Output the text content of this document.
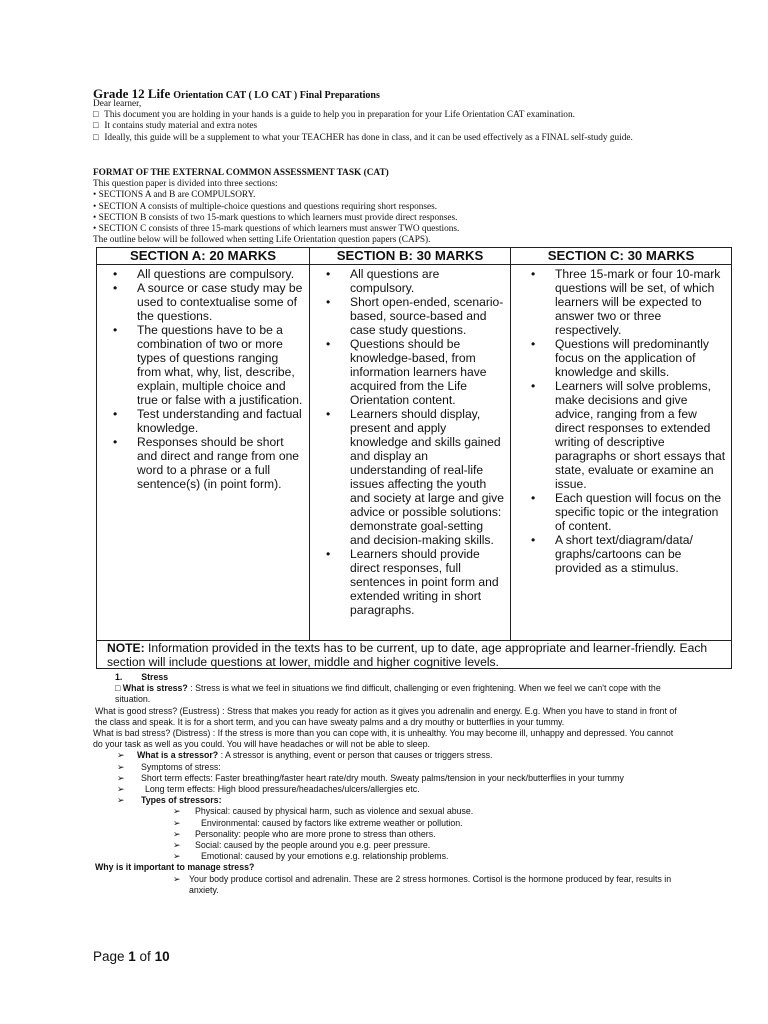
Grade 12 Life Orientation CAT ( LO CAT ) Final Preparations

Dear learner,

□ This document you are holding in your hands is a guide to help you in preparation for your Life Orientation CAT examination.

□ It contains study material and extra notes

□ Ideally, this guide will be a supplement to what your TEACHER has done in class, and it can be used effectively as a FINAL self-study guide.

FORMAT OF THE EXTERNAL COMMON ASSESSMENT TASK (CAT)

This question paper is divided into three sections:

• SECTIONS A and B are COMPULSORY.

• SECTION A consists of multiple-choice questions and questions requiring short responses.

• SECTION B consists of two 15-mark questions to which learners must provide direct responses.

• SECTION C consists of three 15-mark questions of which learners must answer TWO questions.

The outline below will be followed when setting Life Orientation question papers (CAPS).

SECTION A: 20 MARKS
• All questions are compulsory.
• A source or case study may be used to contextualise some of the questions.
• The questions have to be a combination of two or more types of questions ranging from what, why, list, describe, explain, multiple choice and true or false with a justification.
• Test understanding and factual knowledge.
• Responses should be short and direct and range from one word to a phrase or a full sentence(s) (in point form).
SECTION B: 30 MARKS
• All questions are compulsory.
• Short open-ended, scenario-based, source-based and case study questions.
• Questions should be knowledge-based, from information learners have acquired from the Life Orientation content.
• Learners should display, present and apply knowledge and skills gained and display an understanding of real-life issues affecting the youth and society at large and give advice or possible solutions: demonstrate goal-setting and decision-making skills.
• Learners should provide direct responses, full sentences in point form and extended writing in short paragraphs.
SECTION C: 30 MARKS
• Three 15-mark or four 10-mark questions will be set, of which learners will be expected to answer two or three respectively.
• Questions will predominantly focus on the application of knowledge and skills.
• Learners will solve problems, make decisions and give advice, ranging from a few direct responses to extended writing of descriptive paragraphs or short essays that state, evaluate or examine an issue.
• Each question will focus on the specific topic or the integration of content.
• A short text/diagram/data/ graphs/cartoons can be provided as a stimulus.
NOTE: Information provided in the texts has to be current, up to date, age appropriate and learner-friendly. Each section will include questions at lower, middle and higher cognitive levels.

1. Stress

□ What is stress? : Stress is what we feel in situations we find difficult, challenging or even frightening. When we feel we can't cope with the situation.

What is good stress? (Eustress) : Stress that makes you ready for action as it gives you adrenalin and energy. E.g. When you have to stand in front of the class and speak. It is for a short term, and you can have sweaty palms and a dry mouthy or butterflies in your tummy.

What is bad stress? (Distress) : If the stress is more than you can cope with, it is unhealthy. You may become ill, unhappy and depressed. You cannot do your task as well as you could. You will have headaches or will not be able to sleep.

➢ What is a stressor? : A stressor is anything, event or person that causes or triggers stress.

➢ Symptoms of stress:

➢ Short term effects: Faster breathing/faster heart rate/dry mouth. Sweaty palms/tension in your neck/butterflies in your tummy

➢ Long term effects: High blood pressure/headaches/ulcers/allergies etc.

➢ Types of stressors:

➢ Physical: caused by physical harm, such as violence and sexual abuse.

➢ Environmental: caused by factors like extreme weather or pollution.

➢ Personality: people who are more prone to stress than others.

➢ Social: caused by the people around you e.g. peer pressure.

➢ Emotional: caused by your emotions e.g. relationship problems.

Why is it important to manage stress?

➢ Your body produce cortisol and adrenalin. These are 2 stress hormones. Cortisol is the hormone produced by fear, results in anxiety.

Page 1 of 10
